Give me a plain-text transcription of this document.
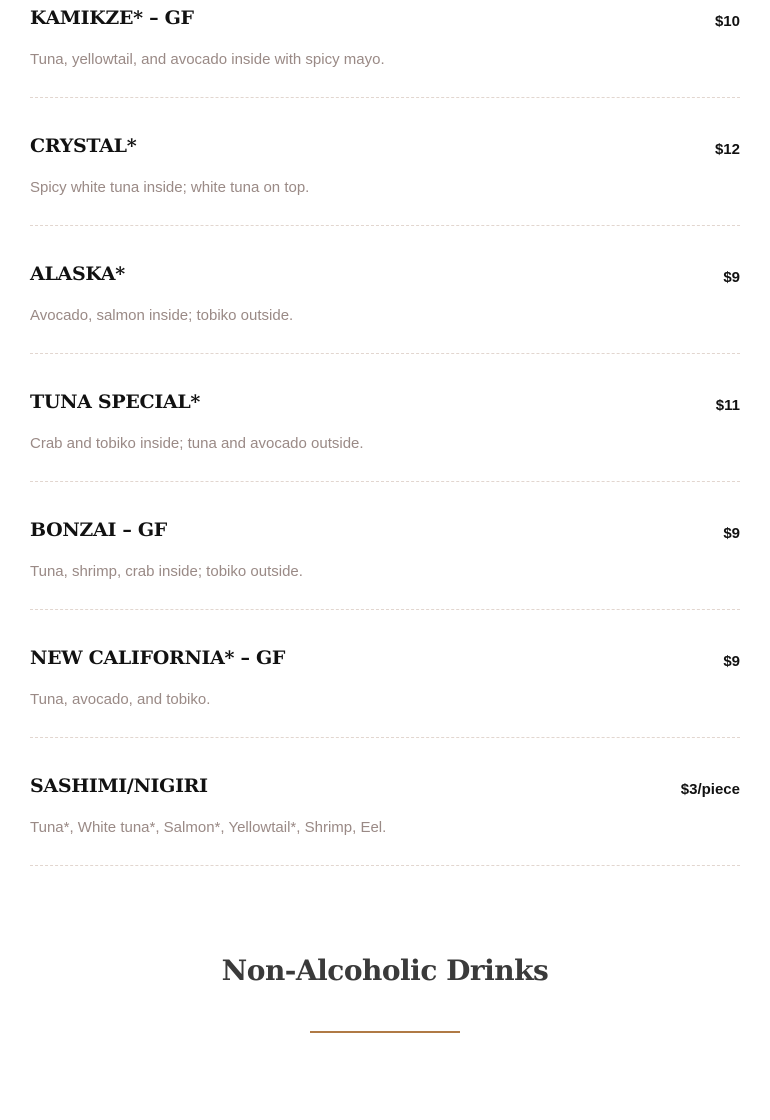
KAMIKZE* – GF	$10
Tuna, yellowtail, and avocado inside with spicy mayo.
CRYSTAL*	$12
Spicy white tuna inside; white tuna on top.
ALASKA*	$9
Avocado, salmon inside; tobiko outside.
TUNA SPECIAL*	$11
Crab and tobiko inside; tuna and avocado outside.
BONZAI – GF	$9
Tuna, shrimp, crab inside; tobiko outside.
NEW CALIFORNIA* – GF	$9
Tuna, avocado, and tobiko.
SASHIMI/NIGIRI	$3/piece
Tuna*, White tuna*, Salmon*, Yellowtail*, Shrimp, Eel.
Non-Alcoholic Drinks
